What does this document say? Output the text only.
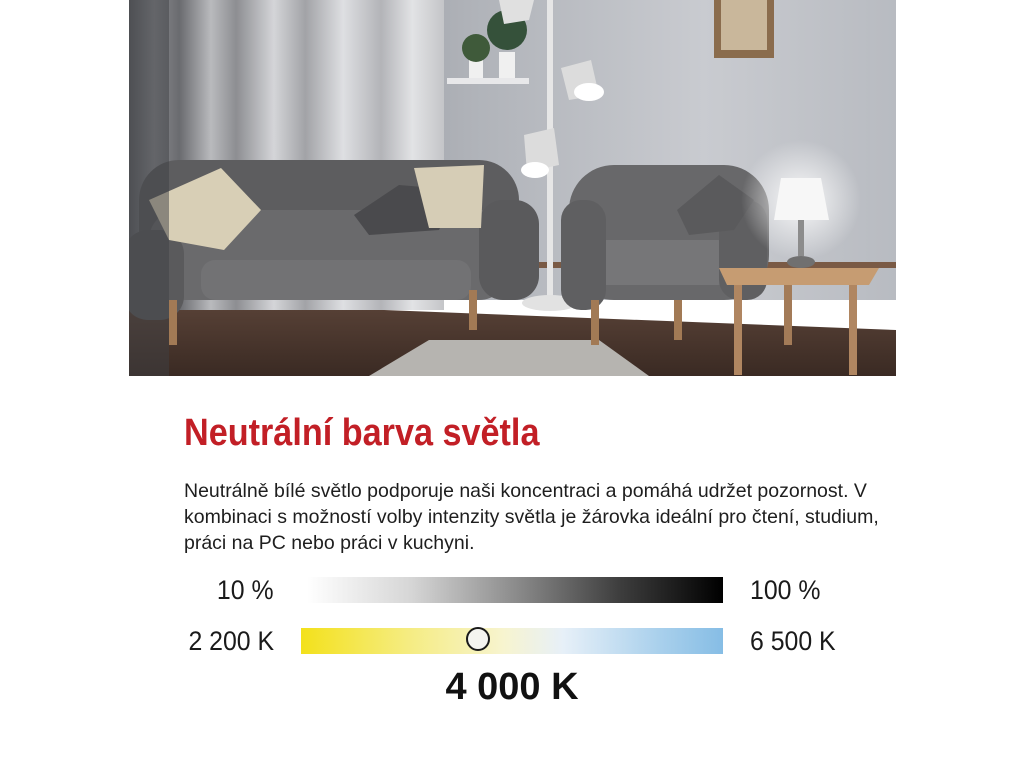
Neutrální barva světla

Neutrálně bílé světlo podporuje naši koncentraci a pomáhá udržet pozornost. V kombinaci s možností volby intenzity světla je žárovka ideální pro čtení, studium, práci na PC nebo práci v kuchyni.

10 %	100 %
2 200 K	6 500 K
4 000 K
